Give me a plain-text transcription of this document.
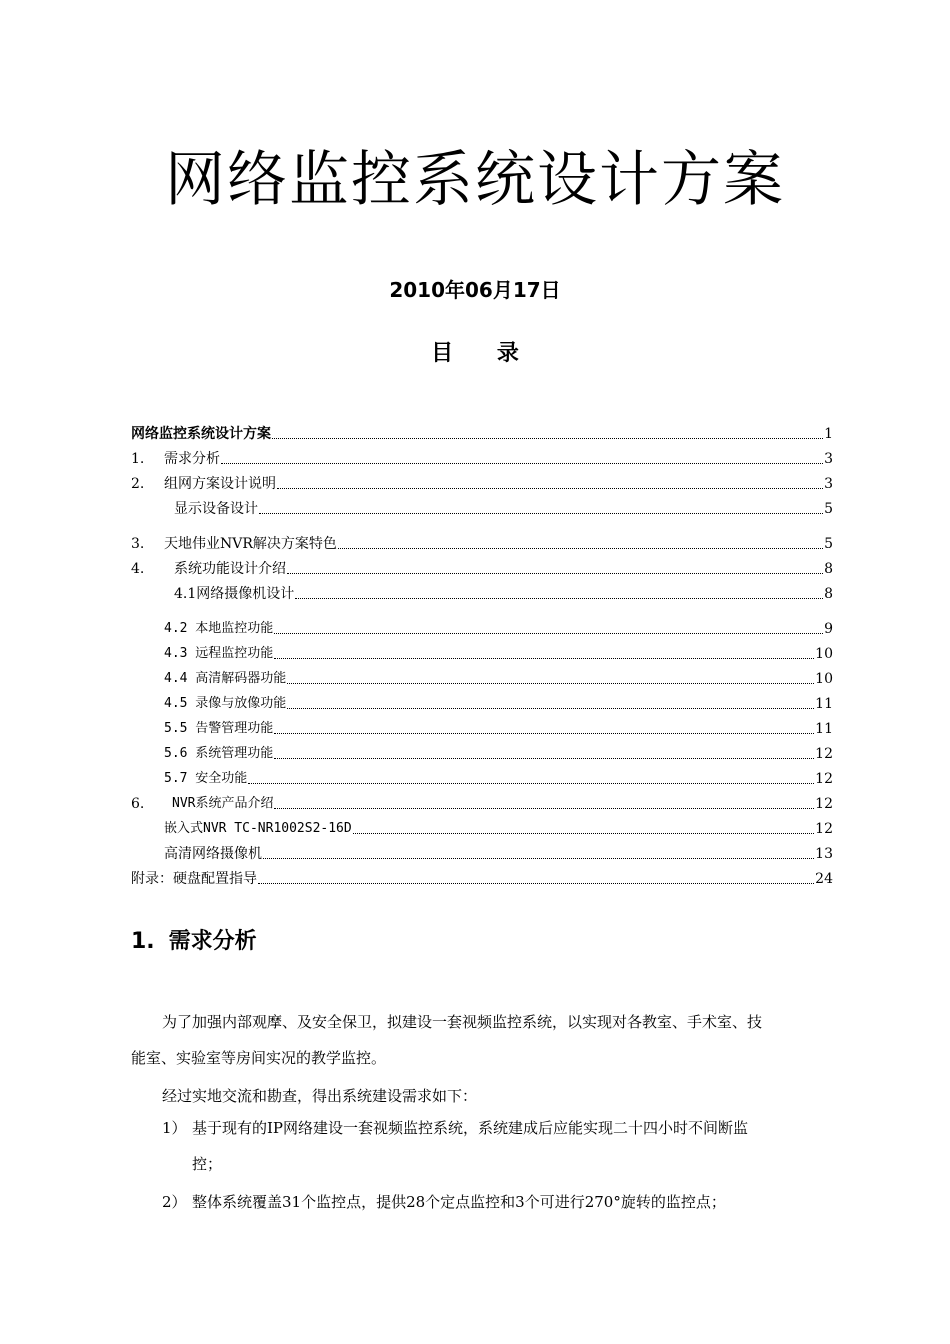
网络监控系统设计方案
2010年06月17日
目 录
网络监控系统设计方案	1
1.	需求分析	3
2.	组网方案设计说明	3
显示设备设计	5
3.	天地伟业NVR解决方案特色	5
4.	系统功能设计介绍	8
4.1网络摄像机设计	8
4.2 本地监控功能	9
4.3 远程监控功能	10
4.4 高清解码器功能	10
4.5 录像与放像功能	11
5.5 告警管理功能	11
5.6 系统管理功能	12
5.7 安全功能	12
6.	NVR系统产品介绍	12
嵌入式NVR TC-NR1002S2-16D	12
高清网络摄像机	13
附录：硬盘配置指导	24
1. 需求分析

为了加强内部观摩、及安全保卫，拟建设一套视频监控系统，以实现对各教室、手术室、技

能室、实验室等房间实况的教学监控。

经过实地交流和勘查，得出系统建设需求如下：

1） 基于现有的IP网络建设一套视频监控系统，系统建成后应能实现二十四小时不间断监
控；
2） 整体系统覆盖31个监控点，提供28个定点监控和3个可进行270°旋转的监控点；
